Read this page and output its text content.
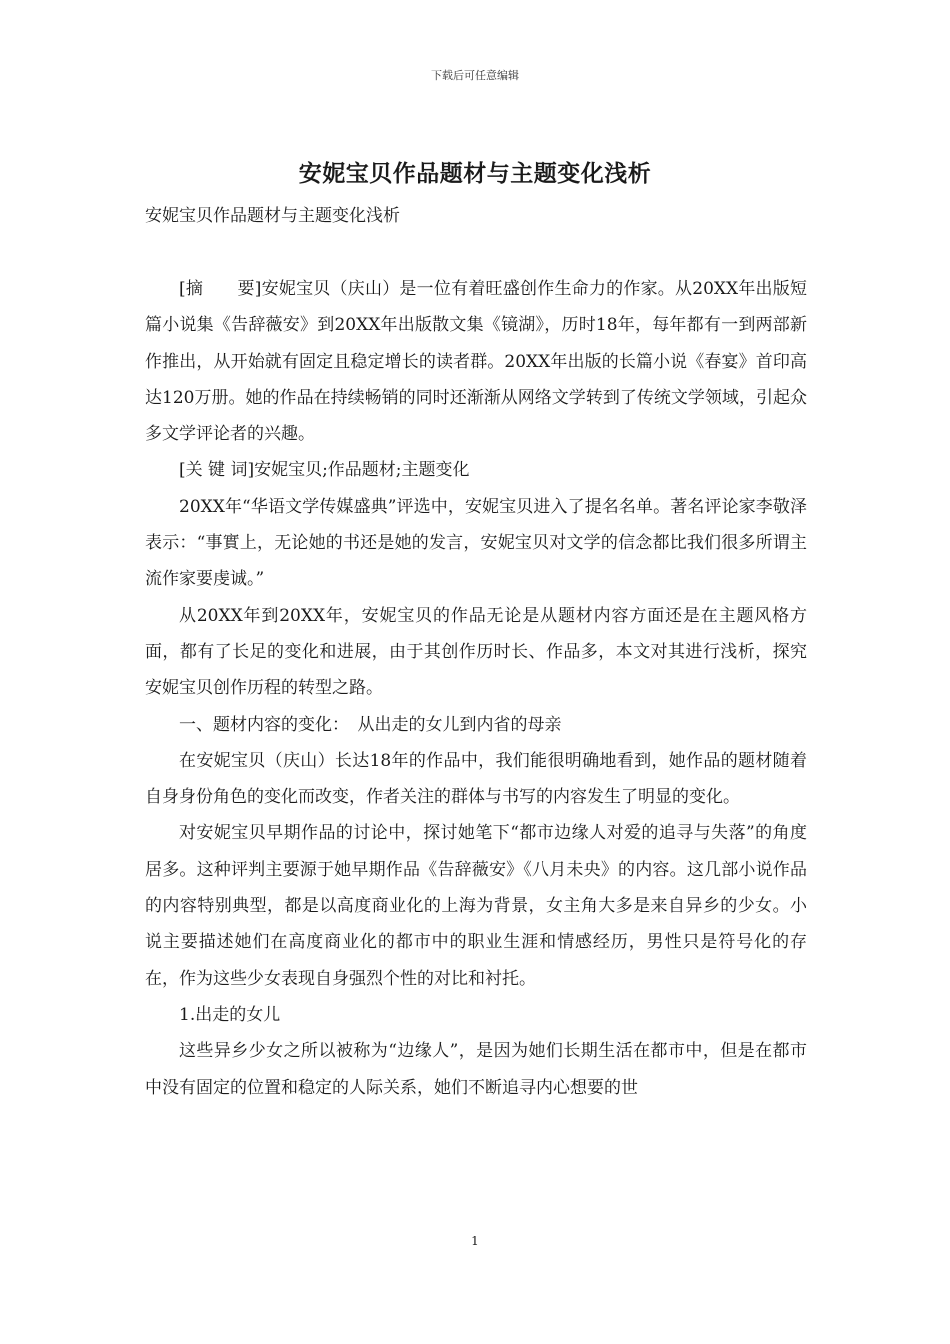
下载后可任意编辑
安妮宝贝作品题材与主题变化浅析
安妮宝贝作品题材与主题变化浅析

[摘　　要]安妮宝贝（庆山）是一位有着旺盛创作生命力的作家。从20XX年出版短篇小说集《告辞薇安》到20XX年出版散文集《镜湖》，历时18年，每年都有一到两部新作推出，从开始就有固定且稳定增长的读者群。20XX年出版的长篇小说《春宴》首印高达120万册。她的作品在持续畅销的同时还渐渐从网络文学转到了传统文学领域，引起众多文学评论者的兴趣。

[关 键 词]安妮宝贝;作品题材;主题变化

20XX年“华语文学传媒盛典”评选中，安妮宝贝进入了提名名单。著名评论家李敬泽表示：“事實上，无论她的书还是她的发言，安妮宝贝对文学的信念都比我们很多所谓主流作家要虔诚。”

从20XX年到20XX年，安妮宝贝的作品无论是从题材内容方面还是在主题风格方面，都有了长足的变化和进展，由于其创作历时长、作品多，本文对其进行浅析，探究安妮宝贝创作历程的转型之路。

一、题材内容的变化：　从出走的女儿到内省的母亲

在安妮宝贝（庆山）长达18年的作品中，我们能很明确地看到，她作品的题材随着自身身份角色的变化而改变，作者关注的群体与书写的内容发生了明显的变化。

对安妮宝贝早期作品的讨论中，探讨她笔下“都市边缘人对爱的追寻与失落”的角度居多。这种评判主要源于她早期作品《告辞薇安》《八月未央》的内容。这几部小说作品的内容特别典型，都是以高度商业化的上海为背景，女主角大多是来自异乡的少女。小说主要描述她们在高度商业化的都市中的职业生涯和情感经历，男性只是符号化的存在，作为这些少女表现自身强烈个性的对比和衬托。

1.出走的女儿

这些异乡少女之所以被称为“边缘人”，是因为她们长期生活在都市中，但是在都市中没有固定的位置和稳定的人际关系，她们不断追寻内心想要的世

1
